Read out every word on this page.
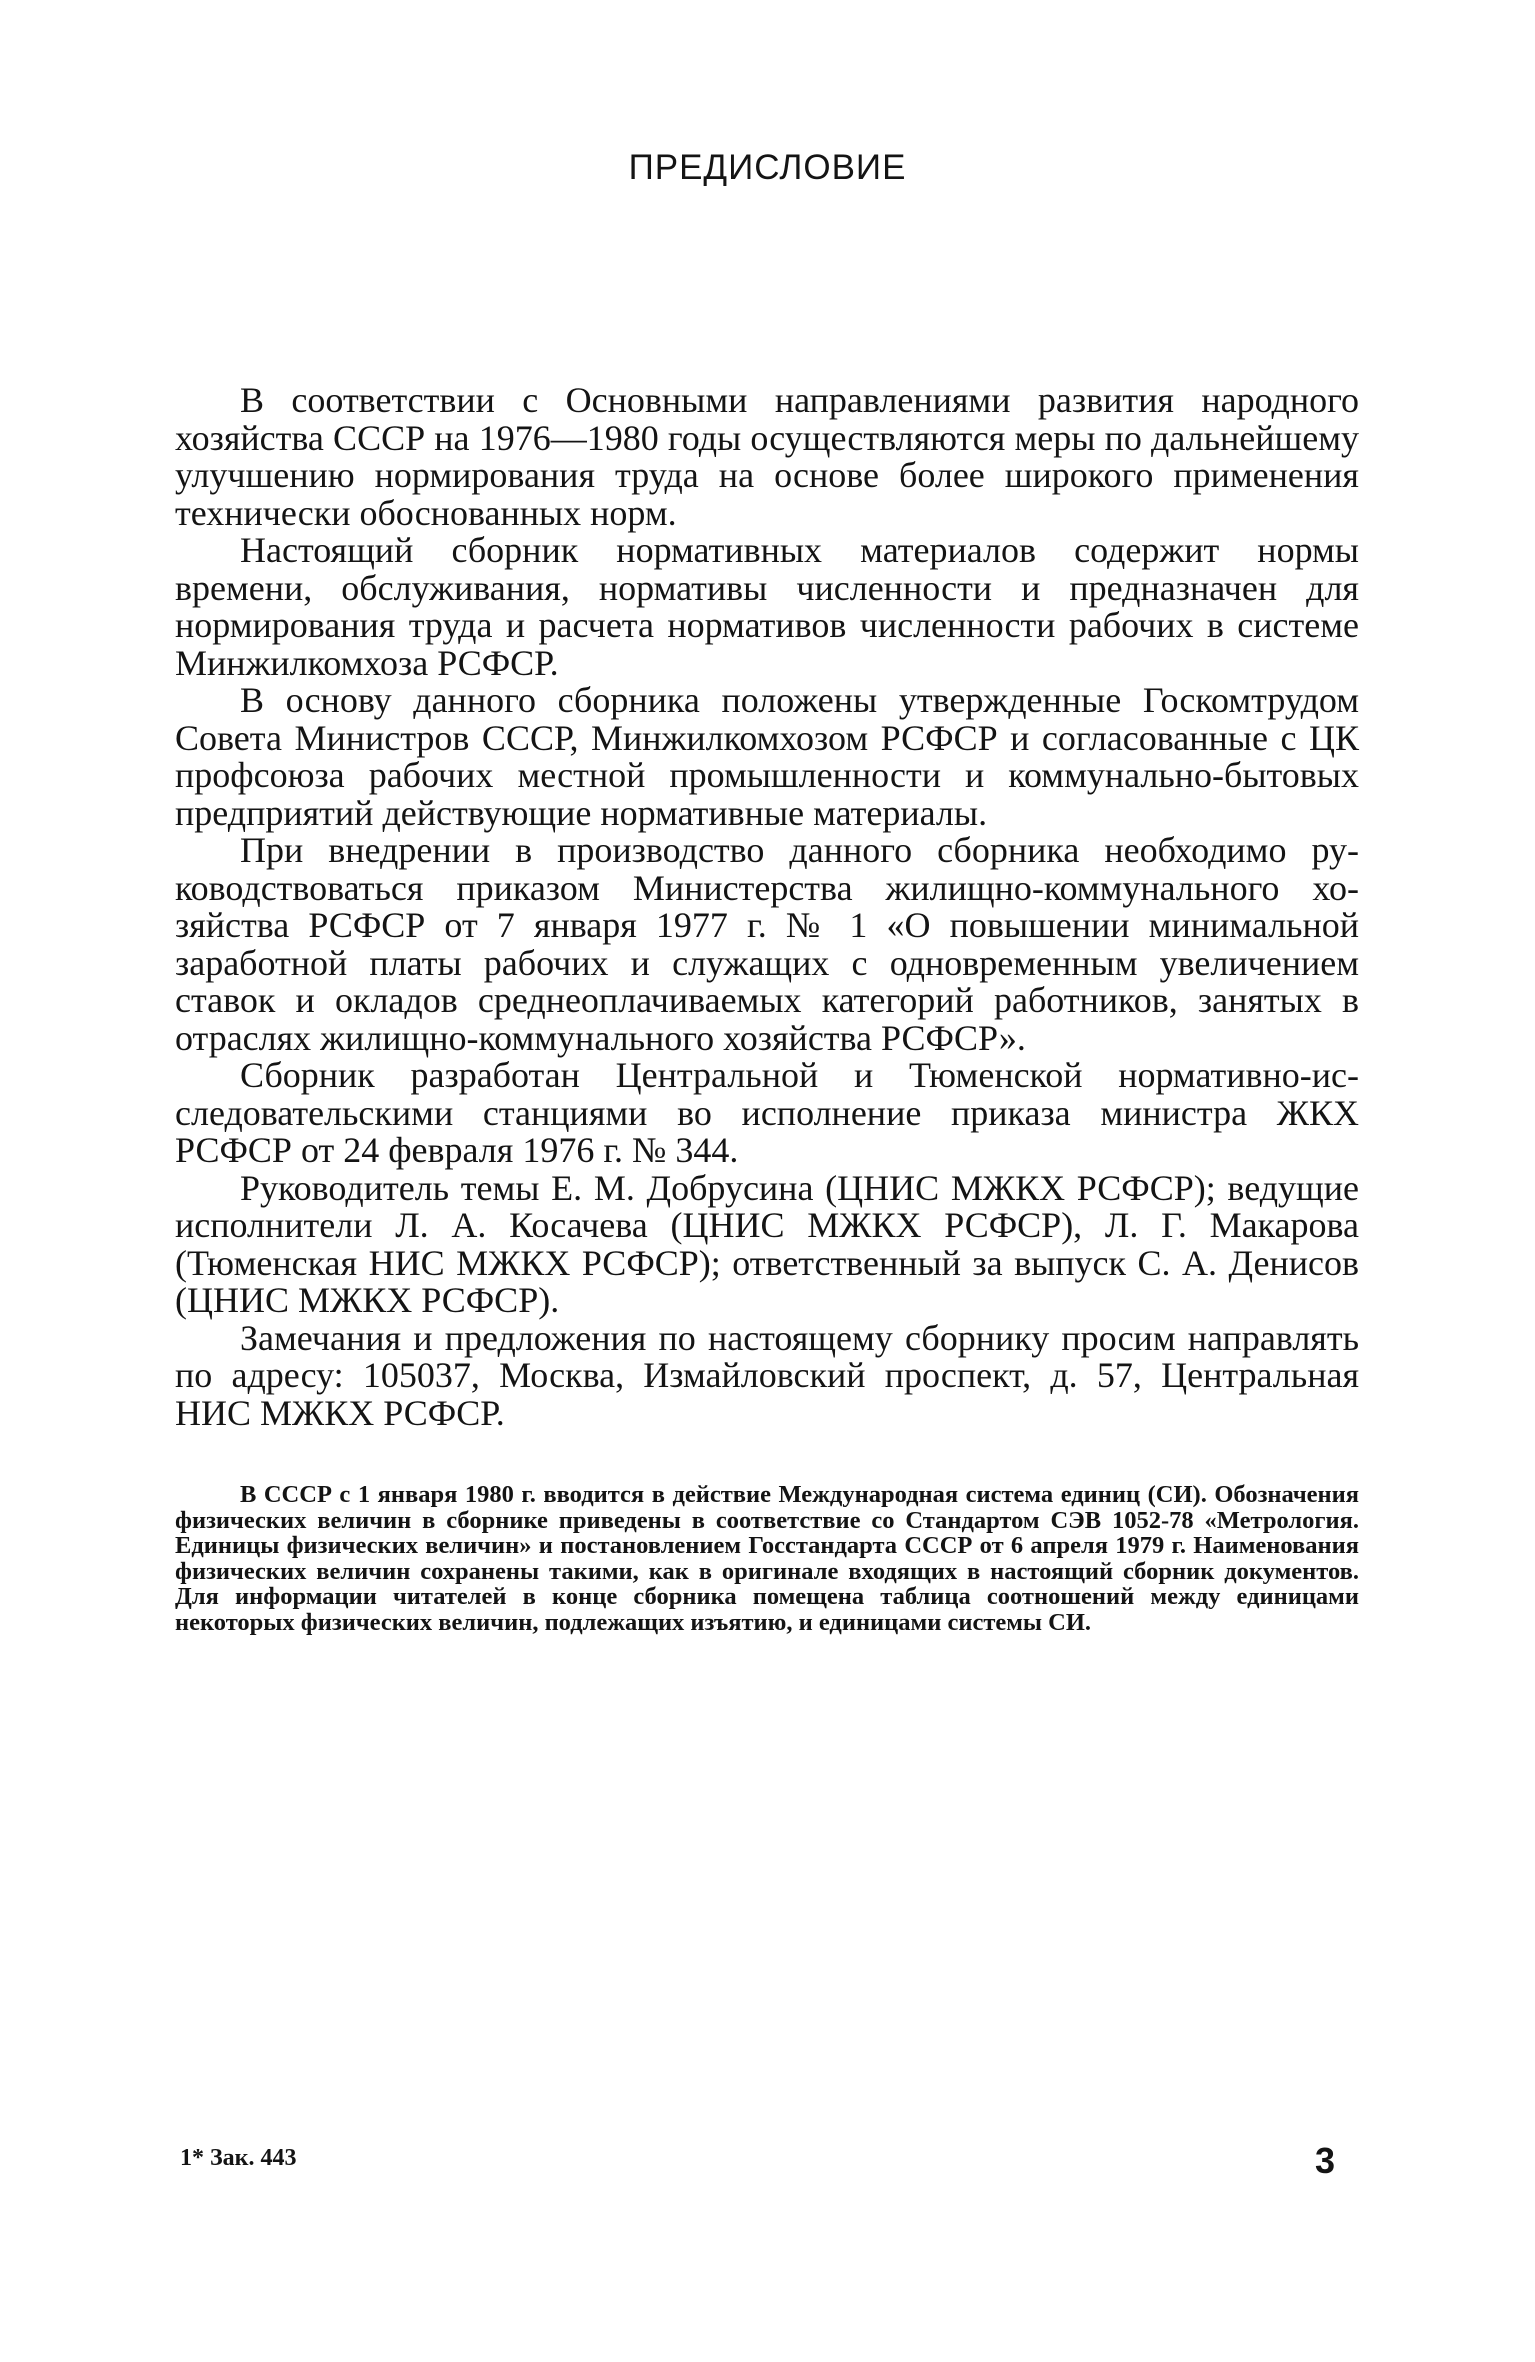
ПРЕДИСЛОВИЕ

В соответствии с Основными направлениями развития народного хозяйства СССР на 1976—1980 годы осуществляются меры по дальнейшему улучшению нормирования труда на основе более широкого применения технически обоснованных норм.

Настоящий сборник нормативных материалов содержит нормы времени, обслуживания, нормативы численности и предназначен для нормирования труда и расчета нормативов численности рабочих в системе Минжилкомхоза РСФСР.

В основу данного сборника положены утвержденные Госкомтрудом Совета Министров СССР, Минжилкомхозом РСФСР и согласованные с ЦК профсоюза рабочих местной промышленности и коммунально-бытовых предприятий действующие нормативные материалы.

При внедрении в производство данного сборника необходимо руководствоваться приказом Министерства жилищно-коммунального хозяйства РСФСР от 7 января 1977 г. № 1 «О повышении минимальной заработной платы рабочих и служащих с одновременным увеличением ставок и окладов среднеоплачиваемых категорий работников, занятых в отраслях жилищно-коммунального хозяйства РСФСР».

Сборник разработан Центральной и Тюменской нормативно-исследовательскими станциями во исполнение приказа министра ЖКХ РСФСР от 24 февраля 1976 г. № 344.

Руководитель темы Е. М. Добрусина (ЦНИС МЖКХ РСФСР); ведущие исполнители Л. А. Косачева (ЦНИС МЖКХ РСФСР), Л. Г. Макарова (Тюменская НИС МЖКХ РСФСР); ответственный за выпуск С. А. Денисов (ЦНИС МЖКХ РСФСР).

Замечания и предложения по настоящему сборнику просим направлять по адресу: 105037, Москва, Измайловский проспект, д. 57, Центральная НИС МЖКХ РСФСР.

В СССР с 1 января 1980 г. вводится в действие Международная система единиц (СИ). Обозначения физических величин в сборнике приведены в соответствие со Стандартом СЭВ 1052-78 «Метрология. Единицы физических величин» и постановлением Госстандарта СССР от 6 апреля 1979 г. Наименования физических величин сохранены такими, как в оригинале входящих в настоящий сборник документов. Для информации читателей в конце сборника помещена таблица соотношений между единицами некоторых физических величин, подлежащих изъятию, и единицами системы СИ.

1* Зак. 443	3
